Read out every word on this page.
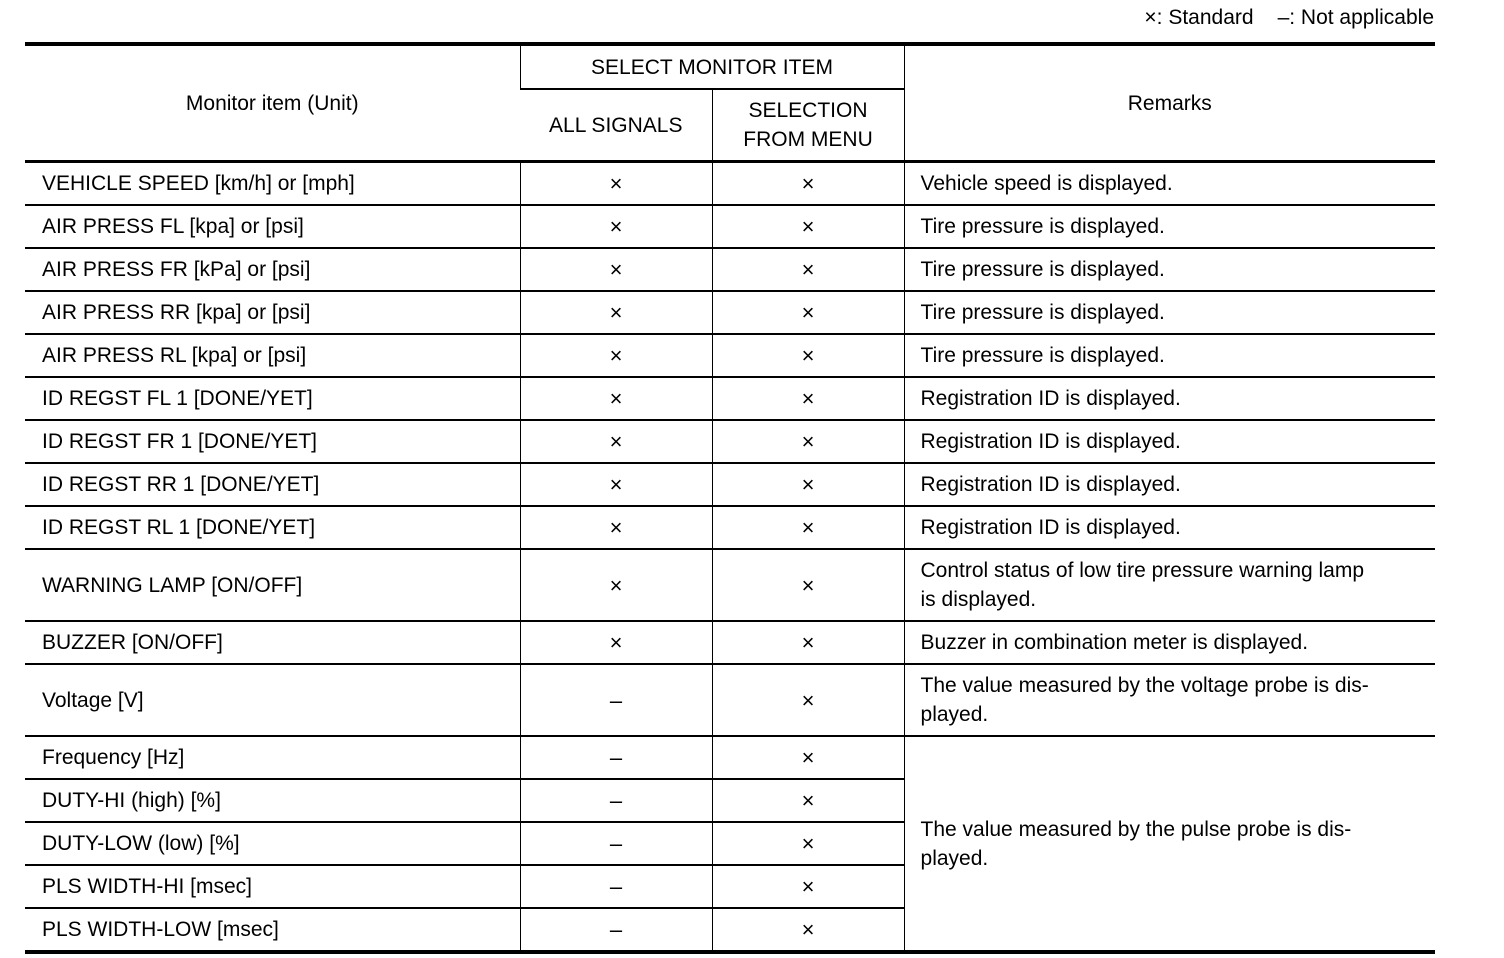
×: Standard –: Not applicable
Monitor item (Unit)	SELECT MONITOR ITEM		Remarks
	ALL SIGNALS	SELECTION
FROM MENU	
VEHICLE SPEED [km/h] or [mph]	×	×	Vehicle speed is displayed.
AIR PRESS FL [kpa] or [psi]	×	×	Tire pressure is displayed.
AIR PRESS FR [kPa] or [psi]	×	×	Tire pressure is displayed.
AIR PRESS RR [kpa] or [psi]	×	×	Tire pressure is displayed.
AIR PRESS RL [kpa] or [psi]	×	×	Tire pressure is displayed.
ID REGST FL 1 [DONE/YET]	×	×	Registration ID is displayed.
ID REGST FR 1 [DONE/YET]	×	×	Registration ID is displayed.
ID REGST RR 1 [DONE/YET]	×	×	Registration ID is displayed.
ID REGST RL 1 [DONE/YET]	×	×	Registration ID is displayed.
WARNING LAMP [ON/OFF]	×	×	Control status of low tire pressure warning lamp
is displayed.
BUZZER [ON/OFF]	×	×	Buzzer in combination meter is displayed.
Voltage [V]	–	×	The value measured by the voltage probe is dis-
played.
Frequency [Hz]	–	×	The value measured by the pulse probe is dis-
played.
DUTY-HI (high) [%]	–	×	
DUTY-LOW (low) [%]	–	×	
PLS WIDTH-HI [msec]	–	×	
PLS WIDTH-LOW [msec]	–	×	
